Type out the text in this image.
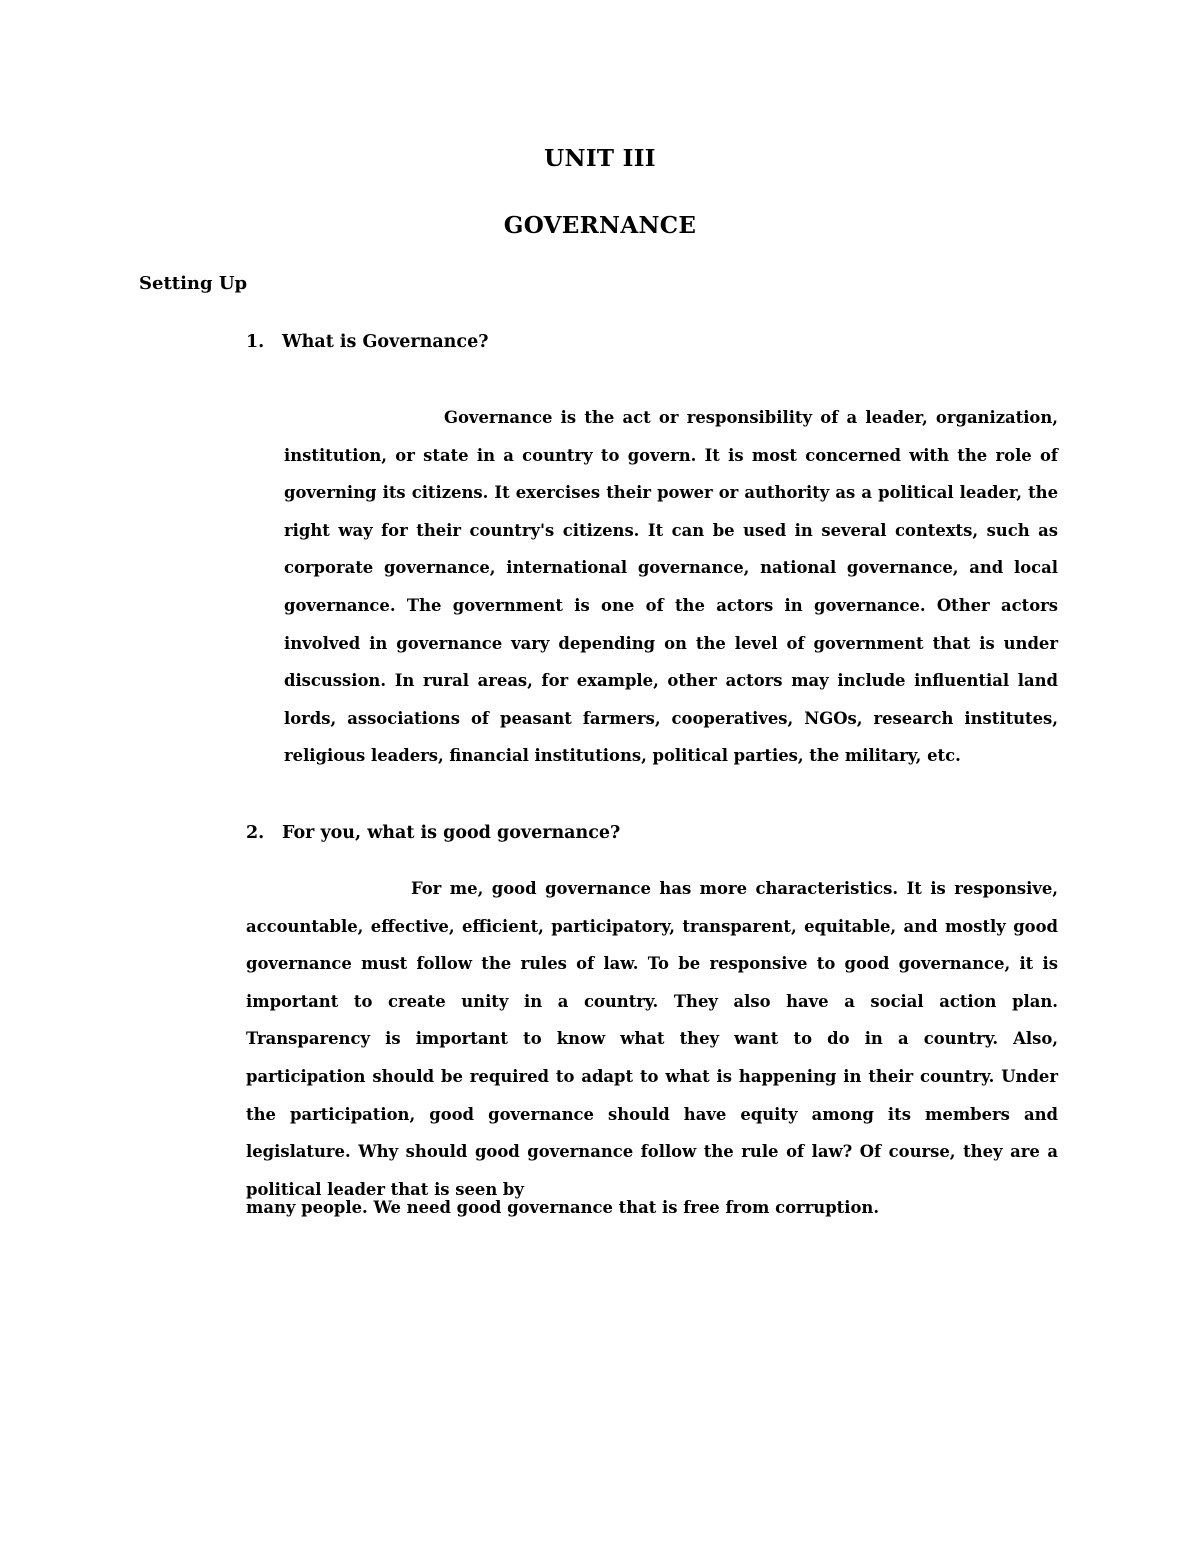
UNIT III
GOVERNANCE
Setting Up
1. What is Governance?
Governance is the act or responsibility of a leader, organization, institution, or state in a country to govern. It is most concerned with the role of governing its citizens. It exercises their power or authority as a political leader, the right way for their country's citizens. It can be used in several contexts, such as corporate governance, international governance, national governance, and local governance. The government is one of the actors in governance. Other actors involved in governance vary depending on the level of government that is under discussion. In rural areas, for example, other actors may include influential land lords, associations of peasant farmers, cooperatives, NGOs, research institutes, religious leaders, financial institutions, political parties, the military, etc.
2. For you, what is good governance?
For me, good governance has more characteristics. It is responsive, accountable, effective, efficient, participatory, transparent, equitable, and mostly good governance must follow the rules of law. To be responsive to good governance, it is important to create unity in a country. They also have a social action plan. Transparency is important to know what they want to do in a country. Also, participation should be required to adapt to what is happening in their country. Under the participation, good governance should have equity among its members and legislature. Why should good governance follow the rule of law? Of course, they are a political leader that is seen by
many people. We need good governance that is free from corruption.
